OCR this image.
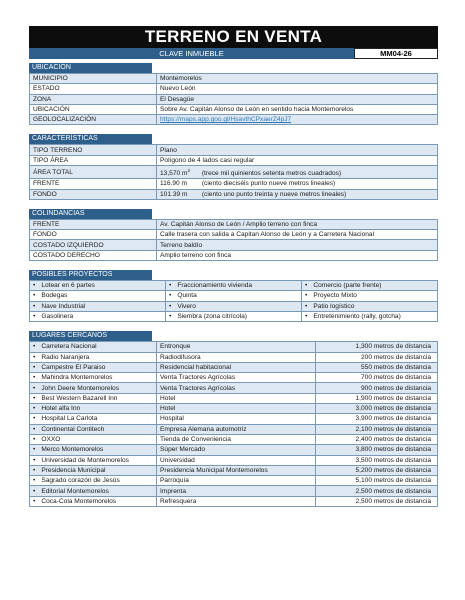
TERRENO EN VENTA
CLAVE INMUEBLE	MM04-26
UBICACIÓN
MUNICIPIO	Montemorelos
ESTADO	Nuevo León
ZONA	El Desagüe
UBICACIÓN	Sobre Av. Capitán Alonso de León en sentido hacia Montemorelos
GEOLOCALIZACIÓN	https://maps.app.goo.gl/HsavthCPxaerZ4pJ7
CARACTERÍSTICAS
TIPO TERRENO	Plano
TIPO ÁREA	Polígono de 4 lados casi regular
ÁREA TOTAL	13,570 $m^2$ (trece mil quinientos setenta metros cuadrados)
FRENTE	116.90 m (ciento dieciséis punto nueve metros lineales)
FONDO	101.39 m (ciento uno punto treinta y nueve metros lineales)
COLINDANCIAS
FRENTE	Av. Capitán Alonso de León / Amplio terreno con finca
FONDO	Calle trasera con salida a Capitan Alonso de León y a Carretera Nacional
COSTADO IZQUIERDO	Terreno baldío
COSTADO DERECHO	Amplio terreno con finca
POSIBLES PROYECTOS
• Lotear en 6 partes	• Fraccionamiento vivienda	• Comercio (parte frente)
• Bodegas	• Quinta	• Proyecto Mixto
• Nave Industrial	• Vivero	• Patio logístico
• Gasolinera	• Siembra (zona citrícola)	• Entretenimiento (rally, gotcha)
LUGARES CERCANOS
• Carretera Nacional	Entronque	1,300 metros de distancia
• Radio Naranjera	Radiodifusora	200 metros de distancia
• Campestre El Paraiso	Residencial habitacional	550 metros de distancia
• Mahindra Montemorelos	Venta Tractores Agrícolas	700 metros de distancia
• John Deere Montemorelos	Venta Tractores Agrícolas	900 metros de distancia
• Best Western Bazarell Inn	Hotel	1,900 metros de distancia
• Hotel alfa Inn	Hotel	3,000 metros de distancia
• Hospital La Carlota	Hospital	3,900 metros de distancia
• Continental Contitech	Empresa Alemana automotriz	2,100 metros de distancia
• OXXO	Tienda de Conveniencia	2,400 metros de distancia
• Merco Montemorelos	Súper Mercado	3,800 metros de distancia
• Universidad de Montemorelos	Universidad	3,500 metros de distancia
• Presidencia Municipal	Presidencia Municipal Montemorelos	5,200 metros de distancia
• Sagrado corazón de Jesús	Parroquía	5,100 metros de distancia
• Editorial Montemorelos	Imprenta	2,500 metros de distancia
• Coca-Cola Montemorelos	Refresquera	2,500 metros de distancia
